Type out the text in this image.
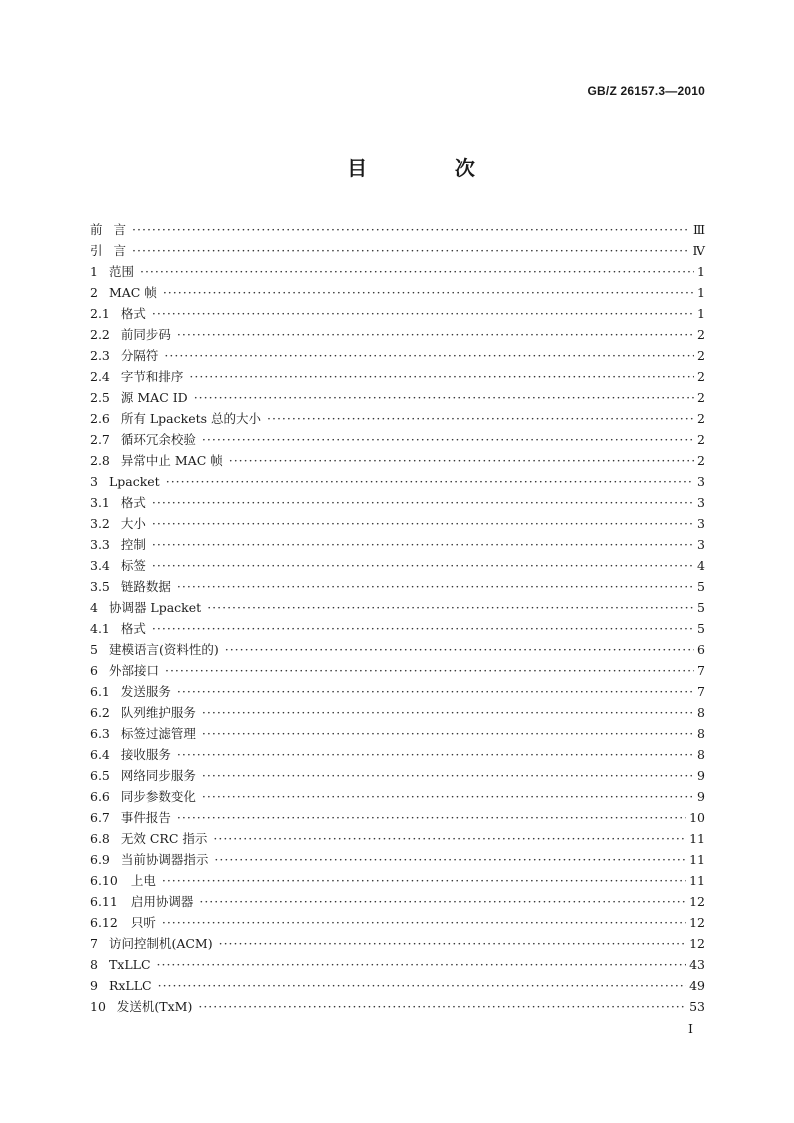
GB/Z 26157.3—2010
目    次
前 言 ·····	Ⅲ
引 言 ·····	Ⅳ
1 范围 ·····	1
2 MAC 帧 ·····	1
2.1 格式 ·····	1
2.2 前同步码 ·····	2
2.3 分隔符 ·····	2
2.4 字节和排序 ·····	2
2.5 源 MAC ID ·····	2
2.6 所有 Lpackets 总的大小 ·····	2
2.7 循环冗余校验 ·····	2
2.8 异常中止 MAC 帧 ·····	2
3 Lpacket ·····	3
3.1 格式 ·····	3
3.2 大小 ·····	3
3.3 控制 ·····	3
3.4 标签 ·····	4
3.5 链路数据 ·····	5
4 协调器 Lpacket ·····	5
4.1 格式 ·····	5
5 建模语言(资料性的) ·····	6
6 外部接口 ·····	7
6.1 发送服务 ·····	7
6.2 队列维护服务 ·····	8
6.3 标签过滤管理 ·····	8
6.4 接收服务 ·····	8
6.5 网络同步服务 ·····	9
6.6 同步参数变化 ·····	9
6.7 事件报告 ·····	10
6.8 无效 CRC 指示 ·····	11
6.9 当前协调器指示 ·····	11
6.10 上电 ·····	11
6.11 启用协调器 ·····	12
6.12 只听 ·····	12
7 访问控制机(ACM) ·····	12
8 TxLLC ·····	43
9 RxLLC ·····	49
10 发送机(TxM) ·····	53
Ⅰ
